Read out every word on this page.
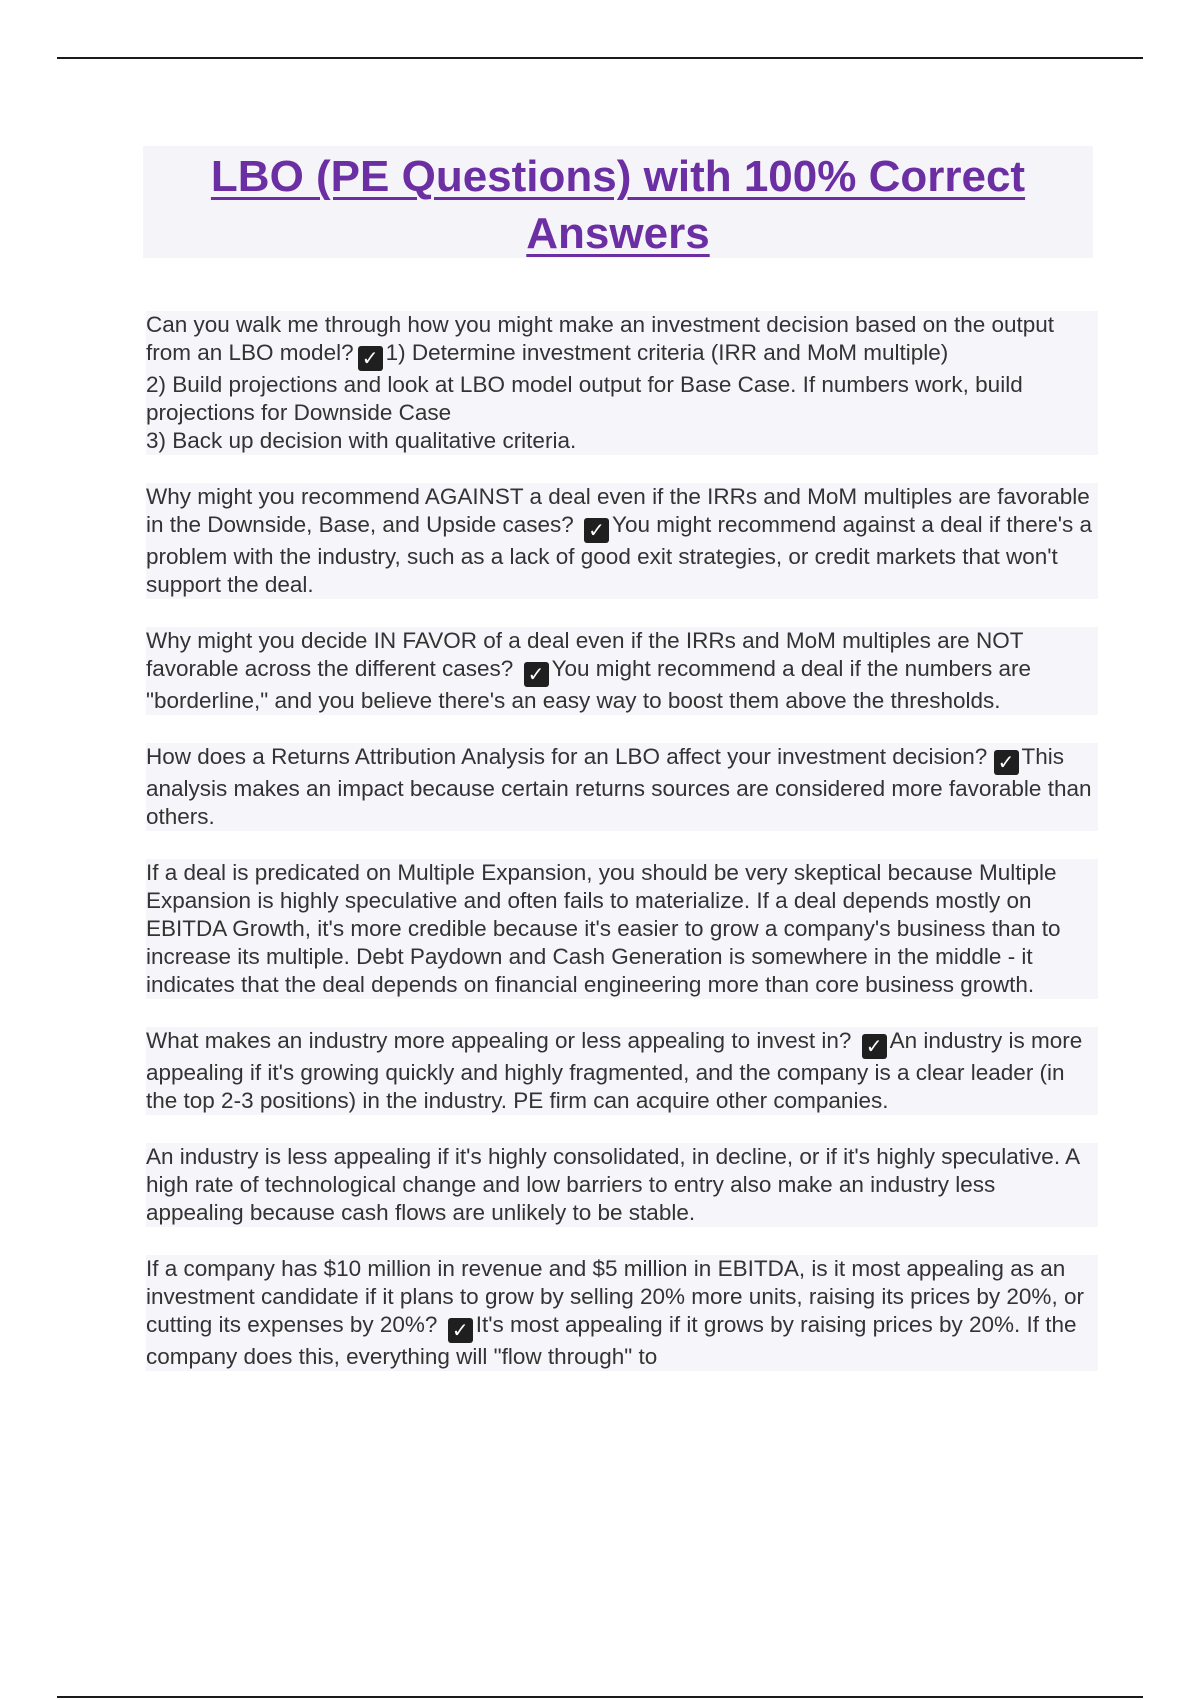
LBO (PE Questions) with 100% Correct Answers

Can you walk me through how you might make an investment decision based on the output from an LBO model? ✓ 1) Determine investment criteria (IRR and MoM multiple)
2) Build projections and look at LBO model output for Base Case. If numbers work, build projections for Downside Case
3) Back up decision with qualitative criteria.

Why might you recommend AGAINST a deal even if the IRRs and MoM multiples are favorable in the Downside, Base, and Upside cases? ✓ You might recommend against a deal if there's a problem with the industry, such as a lack of good exit strategies, or credit markets that won't support the deal.

Why might you decide IN FAVOR of a deal even if the IRRs and MoM multiples are NOT favorable across the different cases? ✓ You might recommend a deal if the numbers are "borderline," and you believe there's an easy way to boost them above the thresholds.

How does a Returns Attribution Analysis for an LBO affect your investment decision? ✓ This analysis makes an impact because certain returns sources are considered more favorable than others.

If a deal is predicated on Multiple Expansion, you should be very skeptical because Multiple Expansion is highly speculative and often fails to materialize. If a deal depends mostly on EBITDA Growth, it's more credible because it's easier to grow a company's business than to increase its multiple. Debt Paydown and Cash Generation is somewhere in the middle - it indicates that the deal depends on financial engineering more than core business growth.

What makes an industry more appealing or less appealing to invest in? ✓ An industry is more appealing if it's growing quickly and highly fragmented, and the company is a clear leader (in the top 2-3 positions) in the industry. PE firm can acquire other companies.

An industry is less appealing if it's highly consolidated, in decline, or if it's highly speculative. A high rate of technological change and low barriers to entry also make an industry less appealing because cash flows are unlikely to be stable.

If a company has $10 million in revenue and $5 million in EBITDA, is it most appealing as an investment candidate if it plans to grow by selling 20% more units, raising its prices by 20%, or cutting its expenses by 20%? ✓ It's most appealing if it grows by raising prices by 20%. If the company does this, everything will "flow through" to
